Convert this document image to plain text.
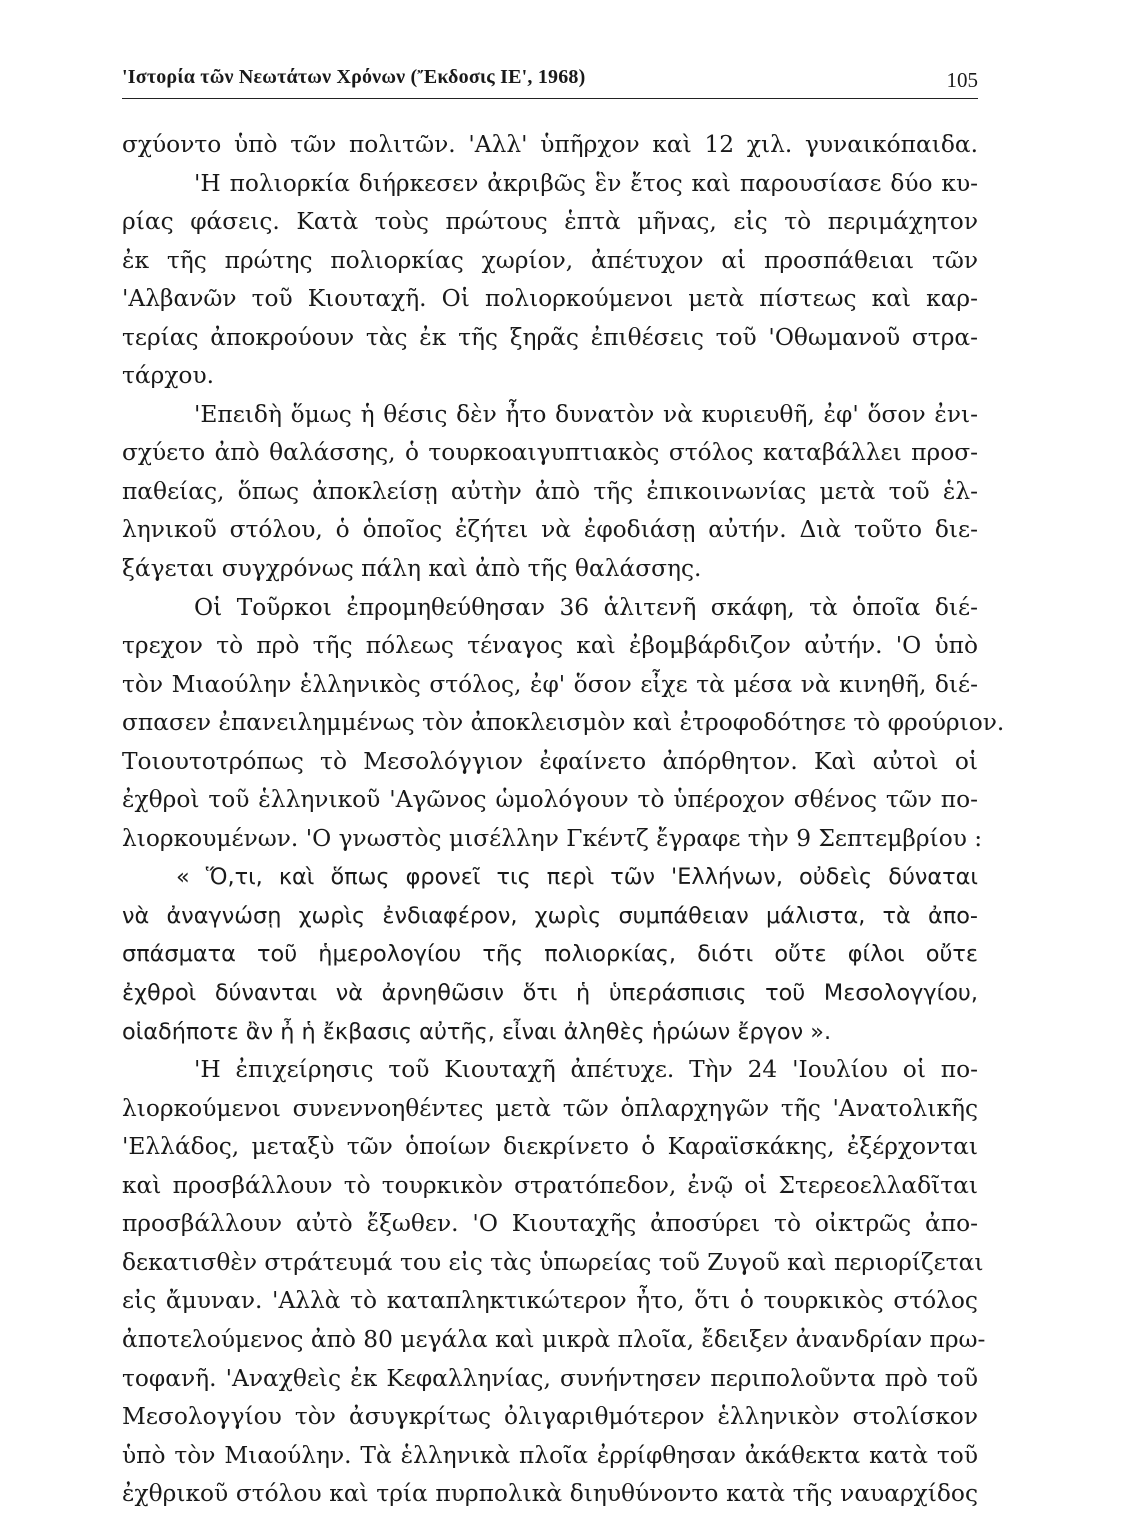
'Ιστορία τῶν Νεωτάτων Χρόνων (Ἔκδοσις ΙΕ', 1968)	105
σχύοντο ὑπὸ τῶν πολιτῶν. 'Αλλ' ὑπῆρχον καὶ 12 χιλ. γυναικόπαιδα.
'Η πολιορκία διήρκεσεν ἀκριβῶς ἓν ἔτος καὶ παρουσίασε δύο κυ-
ρίας φάσεις. Κατὰ τοὺς πρώτους ἑπτὰ μῆνας, εἰς τὸ περιμάχητον
ἐκ τῆς πρώτης πολιορκίας χωρίον, ἀπέτυχον αἱ προσπάθειαι τῶν
'Αλβανῶν τοῦ Κιουταχῆ. Οἱ πολιορκούμενοι μετὰ πίστεως καὶ καρ-
τερίας ἀποκρούουν τὰς ἐκ τῆς ξηρᾶς ἐπιθέσεις τοῦ 'Οθωμανοῦ στρα-
τάρχου.
'Επειδὴ ὅμως ἡ θέσις δὲν ἦτο δυνατὸν νὰ κυριευθῆ, ἐφ' ὅσον ἐνι-
σχύετο ἀπὸ θαλάσσης, ὁ τουρκοαιγυπτιακὸς στόλος καταβάλλει προσ-
παθείας, ὅπως ἀποκλείσῃ αὐτὴν ἀπὸ τῆς ἐπικοινωνίας μετὰ τοῦ ἑλ-
ληνικοῦ στόλου, ὁ ὁποῖος ἐζήτει νὰ ἐφοδιάσῃ αὐτήν. Διὰ τοῦτο διε-
ξάγεται συγχρόνως πάλη καὶ ἀπὸ τῆς θαλάσσης.
Οἱ Τοῦρκοι ἐπρομηθεύθησαν 36 ἁλιτενῆ σκάφη, τὰ ὁποῖα διέ-
τρεχον τὸ πρὸ τῆς πόλεως τέναγος καὶ ἐβομβάρδιζον αὐτήν. 'Ο ὑπὸ
τὸν Μιαούλην ἑλληνικὸς στόλος, ἐφ' ὅσον εἶχε τὰ μέσα νὰ κινηθῆ, διέ-
σπασεν ἐπανειλημμένως τὸν ἀποκλεισμὸν καὶ ἐτροφοδότησε τὸ φρούριον.
Τοιουτοτρόπως τὸ Μεσολόγγιον ἐφαίνετο ἀπόρθητον. Καὶ αὐτοὶ οἱ
ἐχθροὶ τοῦ ἑλληνικοῦ 'Αγῶνος ὡμολόγουν τὸ ὑπέροχον σθένος τῶν πο-
λιορκουμένων. 'Ο γνωστὸς μισέλλην Γκέντζ ἔγραφε τὴν 9 Σεπτεμβρίου :
« Ὅ,τι, καὶ ὅπως φρονεῖ τις περὶ τῶν 'Ελλήνων, οὐδεὶς δύναται
νὰ ἀναγνώσῃ χωρὶς ἐνδιαφέρον, χωρὶς συμπάθειαν μάλιστα, τὰ ἀπο-
σπάσματα τοῦ ἡμερολογίου τῆς πολιορκίας, διότι οὔτε φίλοι οὔτε
ἐχθροὶ δύνανται νὰ ἀρνηθῶσιν ὅτι ἡ ὑπεράσπισις τοῦ Μεσολογγίου,
οἱαδήποτε ἂν ἦ ἡ ἔκβασις αὐτῆς, εἶναι ἀληθὲς ἡρώων ἔργον ».
'Η ἐπιχείρησις τοῦ Κιουταχῆ ἀπέτυχε. Τὴν 24 'Ιουλίου οἱ πο-
λιορκούμενοι συνεννοηθέντες μετὰ τῶν ὁπλαρχηγῶν τῆς 'Ανατολικῆς
'Ελλάδος, μεταξὺ τῶν ὁποίων διεκρίνετο ὁ Καραϊσκάκης, ἐξέρχονται
καὶ προσβάλλουν τὸ τουρκικὸν στρατόπεδον, ἐνῷ οἱ Στερεοελλαδῖται
προσβάλλουν αὐτὸ ἔξωθεν. 'Ο Κιουταχῆς ἀποσύρει τὸ οἰκτρῶς ἀπο-
δεκατισθὲν στράτευμά του εἰς τὰς ὑπωρείας τοῦ Ζυγοῦ καὶ περιορίζεται
εἰς ἄμυναν. 'Αλλὰ τὸ καταπληκτικώτερον ἦτο, ὅτι ὁ τουρκικὸς στόλος
ἀποτελούμενος ἀπὸ 80 μεγάλα καὶ μικρὰ πλοῖα, ἔδειξεν ἀνανδρίαν πρω-
τοφανῆ. 'Αναχθεὶς ἐκ Κεφαλληνίας, συνήντησεν περιπολοῦντα πρὸ τοῦ
Μεσολογγίου τὸν ἀσυγκρίτως ὀλιγαριθμότερον ἑλληνικὸν στολίσκον
ὑπὸ τὸν Μιαούλην. Τὰ ἑλληνικὰ πλοῖα ἐρρίφθησαν ἀκάθεκτα κατὰ τοῦ
ἐχθρικοῦ στόλου καὶ τρία πυρπολικὰ διηυθύνοντο κατὰ τῆς ναυαρχίδος
